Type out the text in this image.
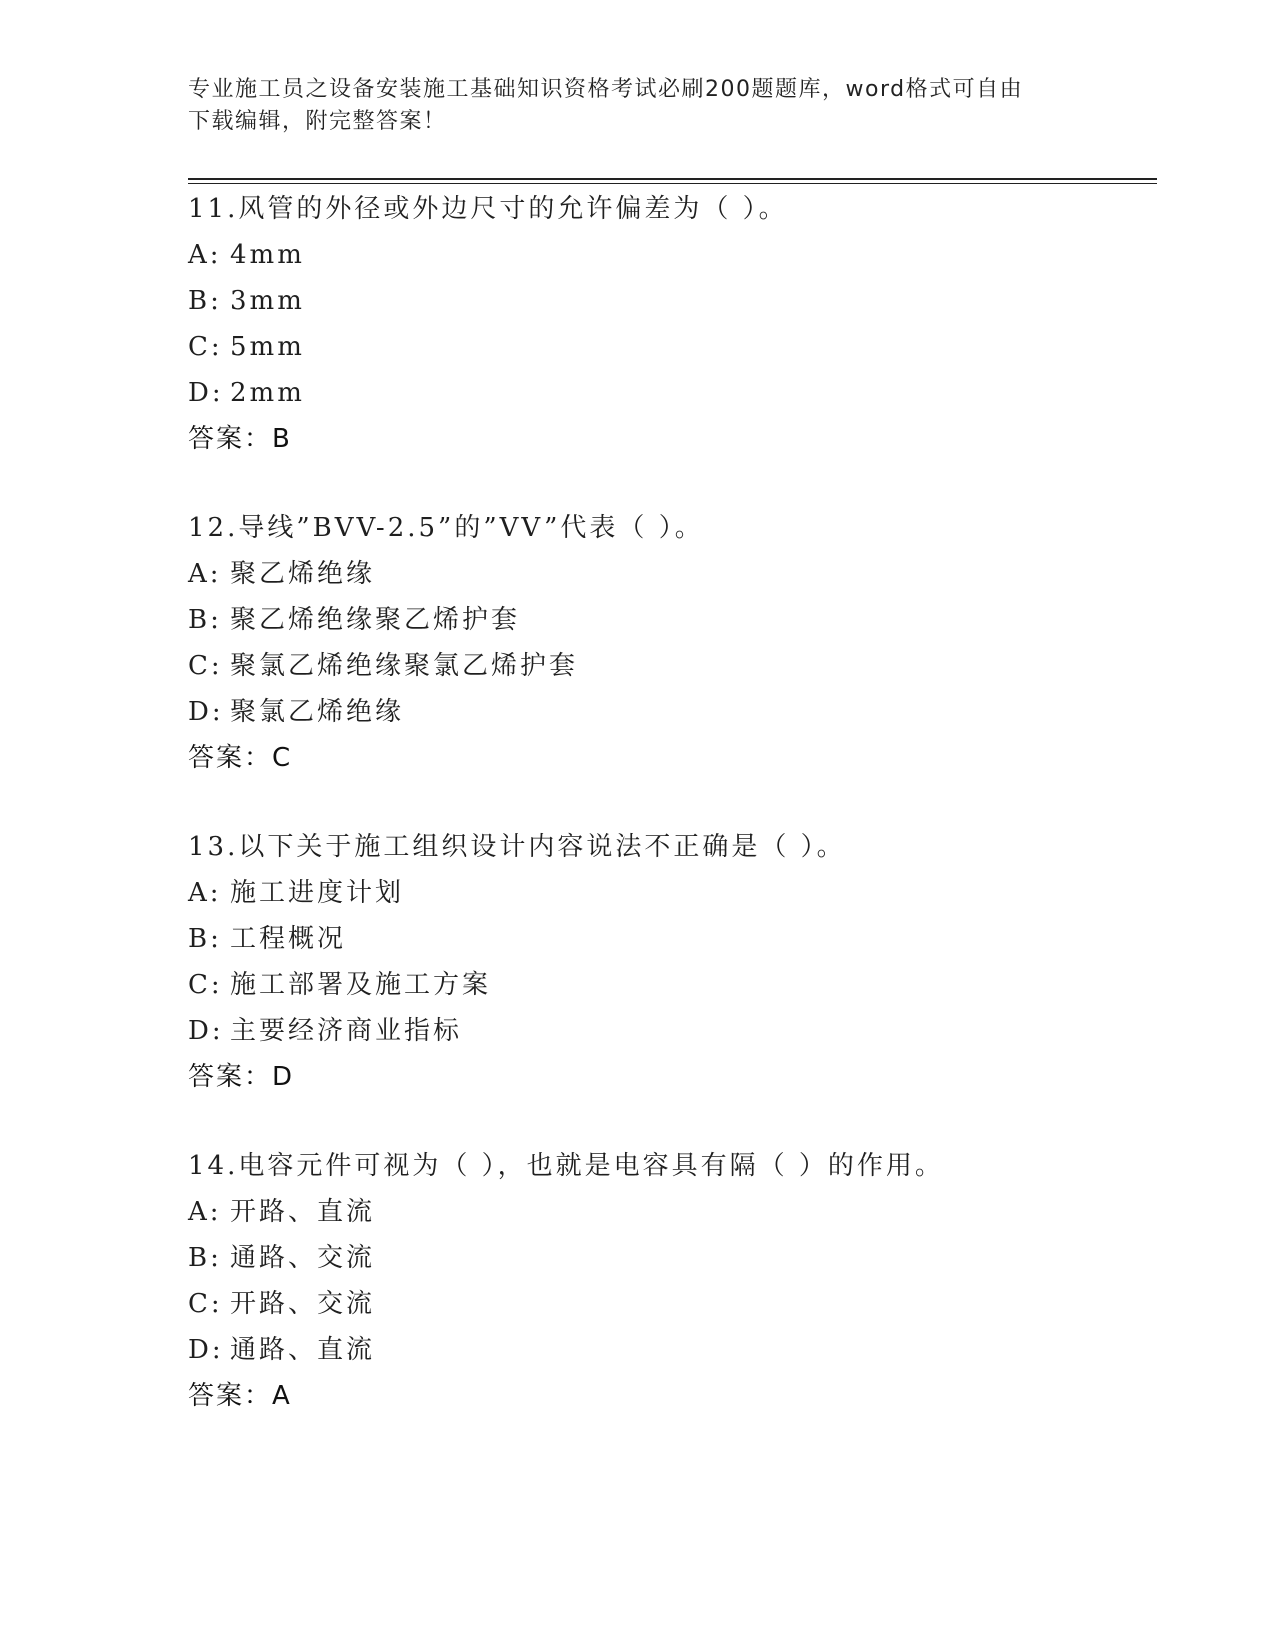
专业施工员之设备安装施工基础知识资格考试必刷200题题库，word格式可自由
下载编辑，附完整答案！
11.风管的外径或外边尺寸的允许偏差为（ ）。
A: 4mm
B: 3mm
C: 5mm
D: 2mm
答案：B
12.导线”BVV-2.5”的”VV”代表（ ）。
A: 聚乙烯绝缘
B: 聚乙烯绝缘聚乙烯护套
C: 聚氯乙烯绝缘聚氯乙烯护套
D: 聚氯乙烯绝缘
答案：C
13.以下关于施工组织设计内容说法不正确是（ ）。
A: 施工进度计划
B: 工程概况
C: 施工部署及施工方案
D: 主要经济商业指标
答案：D
14.电容元件可视为（ ），也就是电容具有隔（ ）的作用。
A: 开路、直流
B: 通路、交流
C: 开路、交流
D: 通路、直流
答案：A
